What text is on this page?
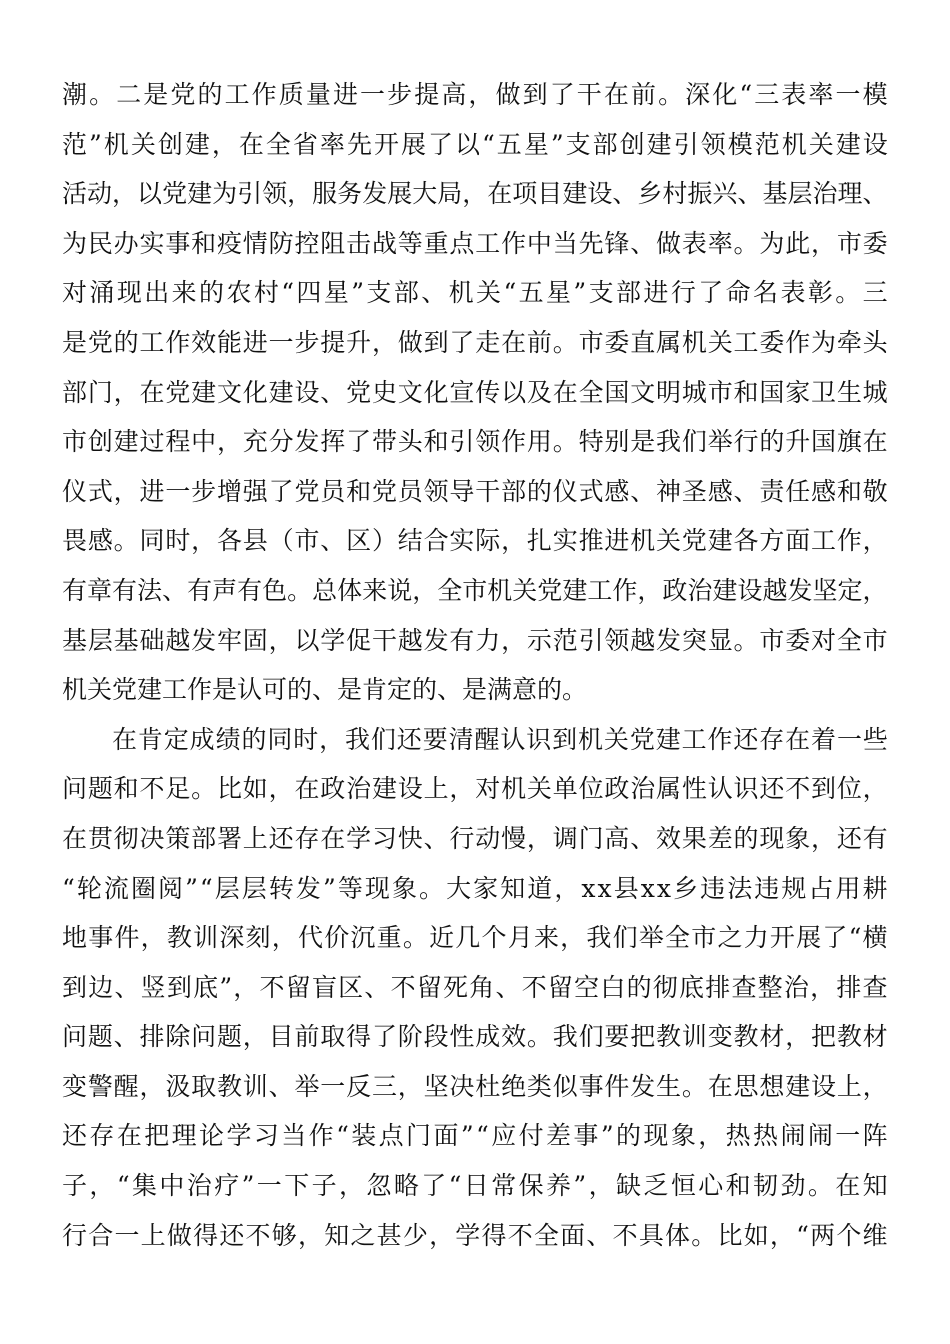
潮 。 二 是 党 的 工 作 质 量 进 一 步 提 高 ， 做 到 了 干 在 前 。 深 化 “ 三 表 率 一 模
范 ” 机 关 创 建 ， 在 全 省 率 先 开 展 了 以 “ 五 星 ” 支 部 创 建 引 领 模 范 机 关 建 设
活 动 ， 以 党 建 为 引 领 ， 服 务 发 展 大 局 ， 在 项 目 建 设 、 乡 村 振 兴 、 基 层 治 理 、
为 民 办 实 事 和 疫 情 防 控 阻 击 战 等 重 点 工 作 中 当 先 锋 、 做 表 率 。 为 此 ， 市 委
对 涌 现 出 来 的 农 村 “ 四 星 ” 支 部 、 机 关 “ 五 星 ” 支 部 进 行 了 命 名 表 彰 。 三
是 党 的 工 作 效 能 进 一 步 提 升 ， 做 到 了 走 在 前 。 市 委 直 属 机 关 工 委 作 为 牵 头
部 门 ， 在 党 建 文 化 建 设 、 党 史 文 化 宣 传 以 及 在 全 国 文 明 城 市 和 国 家 卫 生 城
市 创 建 过 程 中 ， 充 分 发 挥 了 带 头 和 引 领 作 用 。 特 别 是 我 们 举 行 的 升 国 旗 在
仪 式 ， 进 一 步 增 强 了 党 员 和 党 员 领 导 干 部 的 仪 式 感 、 神 圣 感 、 责 任 感 和 敬
畏 感 。 同 时 ， 各 县 （ 市 、 区 ） 结 合 实 际 ， 扎 实 推 进 机 关 党 建 各 方 面 工 作 ，
有 章 有 法 、 有 声 有 色 。 总 体 来 说 ， 全 市 机 关 党 建 工 作 ， 政 治 建 设 越 发 坚 定 ，
基 层 基 础 越 发 牢 固 ， 以 学 促 干 越 发 有 力 ， 示 范 引 领 越 发 突 显 。 市 委 对 全 市
机关党建工作是认可的、是肯定的、是满意的。
在 肯 定 成 绩 的 同 时 ， 我 们 还 要 清 醒 认 识 到 机 关 党 建 工 作 还 存 在 着 一 些
问 题 和 不 足 。 比 如 ， 在 政 治 建 设 上 ， 对 机 关 单 位 政 治 属 性 认 识 还 不 到 位 ，
在 贯 彻 决 策 部 署 上 还 存 在 学 习 快 、 行 动 慢 ， 调 门 高 、 效 果 差 的 现 象 ， 还 有
“ 轮 流 圈 阅 ” “ 层 层 转 发 ” 等 现 象 。 大 家 知 道 ， x x 县 x x 乡 违 法 违 规 占 用 耕
地 事 件 ， 教 训 深 刻 ， 代 价 沉 重 。 近 几 个 月 来 ， 我 们 举 全 市 之 力 开 展 了 “ 横
到 边 、 竖 到 底 ” ， 不 留 盲 区 、 不 留 死 角 、 不 留 空 白 的 彻 底 排 查 整 治 ， 排 查
问 题 、 排 除 问 题 ， 目 前 取 得 了 阶 段 性 成 效 。 我 们 要 把 教 训 变 教 材 ， 把 教 材
变 警 醒 ， 汲 取 教 训 、 举 一 反 三 ， 坚 决 杜 绝 类 似 事 件 发 生 。 在 思 想 建 设 上 ，
还 存 在 把 理 论 学 习 当 作 “ 装 点 门 面 ” “ 应 付 差 事 ” 的 现 象 ， 热 热 闹 闹 一 阵
子 ， “ 集 中 治 疗 ” 一 下 子 ， 忽 略 了 “ 日 常 保 养 ” ， 缺 乏 恒 心 和 韧 劲 。 在 知
行 合 一 上 做 得 还 不 够 ， 知 之 甚 少 ， 学 得 不 全 面 、 不 具 体 。 比 如 ， “ 两 个 维
